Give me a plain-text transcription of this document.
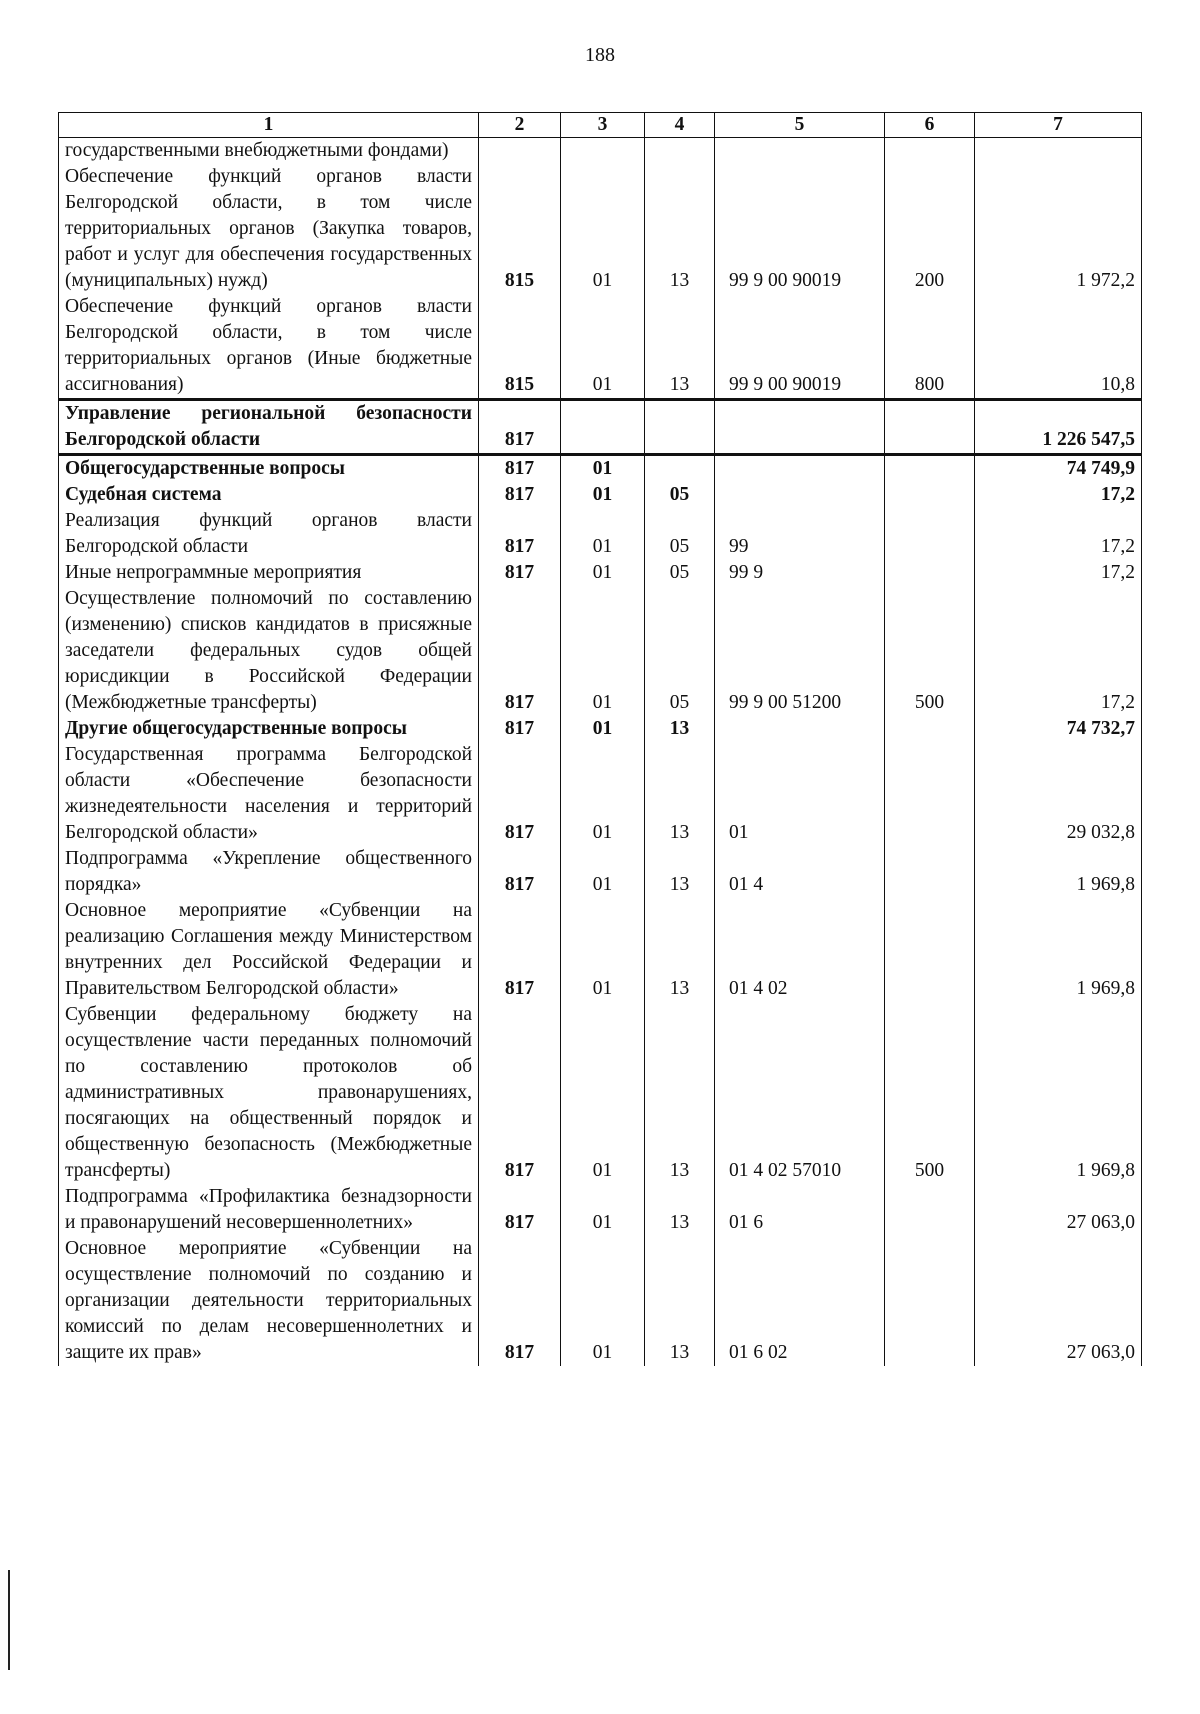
188
1	2	3	4	5	6	7
государственными внебюджетными фондами)						
Обеспечение функций органов власти Белгородской области, в том числе территориальных органов (Закупка товаров, работ и услуг для обеспечения государственных (муниципальных) нужд)	815	01	13	99 9 00 90019	200	1 972,2
Обеспечение функций органов власти Белгородской области, в том числе территориальных органов (Иные бюджетные ассигнования)	815	01	13	99 9 00 90019	800	10,8
Управление региональной безопасности Белгородской области	817					1 226 547,5
Общегосударственные вопросы	817	01				74 749,9
Судебная система	817	01	05			17,2
Реализация функций органов власти Белгородской области	817	01	05	99		17,2
Иные непрограммные мероприятия	817	01	05	99 9		17,2
Осуществление полномочий по составлению (изменению) списков кандидатов в присяжные заседатели федеральных судов общей юрисдикции в Российской Федерации (Межбюджетные трансферты)	817	01	05	99 9 00 51200	500	17,2
Другие общегосударственные вопросы	817	01	13			74 732,7
Государственная программа Белгородской области «Обеспечение безопасности жизнедеятельности населения и территорий Белгородской области»	817	01	13	01		29 032,8
Подпрограмма «Укрепление общественного порядка»	817	01	13	01 4		1 969,8
Основное мероприятие «Субвенции на реализацию Соглашения между Министерством внутренних дел Российской Федерации и Правительством Белгородской области»	817	01	13	01 4 02		1 969,8
Субвенции федеральному бюджету на осуществление части переданных полномочий по составлению протоколов об административных правонарушениях, посягающих на общественный порядок и общественную безопасность (Межбюджетные трансферты)	817	01	13	01 4 02 57010	500	1 969,8
Подпрограмма «Профилактика безнадзорности и правонарушений несовершеннолетних»	817	01	13	01 6		27 063,0
Основное мероприятие «Субвенции на осуществление полномочий по созданию и организации деятельности территориальных комиссий по делам несовершеннолетних и защите их прав»	817	01	13	01 6 02		27 063,0
